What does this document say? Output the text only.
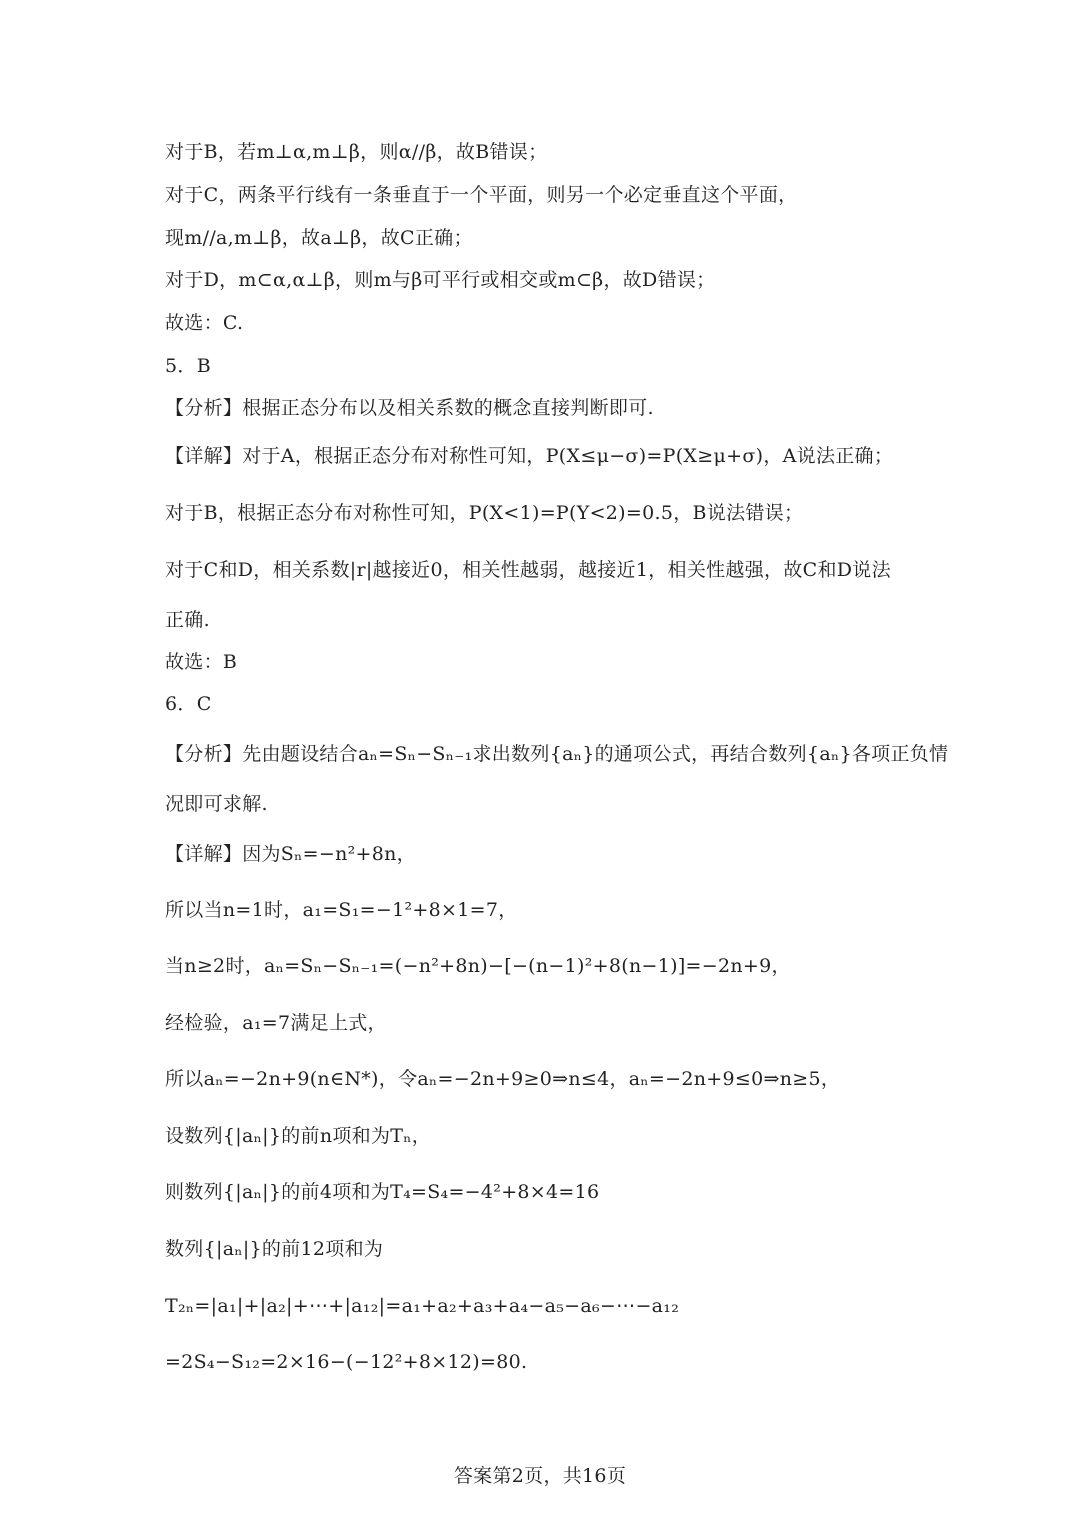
对于B，若m⊥α,m⊥β，则α//β，故B错误；
对于C，两条平行线有一条垂直于一个平面，则另一个必定垂直这个平面，
现m//a,m⊥β，故a⊥β，故C正确；
对于D，m⊂α,α⊥β，则m与β可平行或相交或m⊂β，故D错误；
故选：C.
5．B
【分析】根据正态分布以及相关系数的概念直接判断即可.
【详解】对于A，根据正态分布对称性可知，P(X≤μ−σ)=P(X≥μ+σ)，A说法正确；
对于B，根据正态分布对称性可知，P(X<1)=P(Y<2)=0.5，B说法错误；
对于C和D，相关系数|r|越接近0，相关性越弱，越接近1，相关性越强，故C和D说法
正确.
故选：B
6．C
【分析】先由题设结合aₙ=Sₙ−Sₙ₋₁求出数列{aₙ}的通项公式，再结合数列{aₙ}各项正负情
况即可求解.
【详解】因为Sₙ=−n²+8n，
所以当n=1时，a₁=S₁=−1²+8×1=7，
当n≥2时，aₙ=Sₙ−Sₙ₋₁=(−n²+8n)−[−(n−1)²+8(n−1)]=−2n+9，
经检验，a₁=7满足上式，
所以aₙ=−2n+9(n∈N*)，令aₙ=−2n+9≥0⇒n≤4，aₙ=−2n+9≤0⇒n≥5，
设数列{|aₙ|}的前n项和为Tₙ，
则数列{|aₙ|}的前4项和为T₄=S₄=−4²+8×4=16
数列{|aₙ|}的前12项和为
T₂ₙ=|a₁|+|a₂|+⋯+|a₁₂|=a₁+a₂+a₃+a₄−a₅−a₆−⋯−a₁₂
=2S₄−S₁₂=2×16−(−12²+8×12)=80.
答案第2页，共16页
